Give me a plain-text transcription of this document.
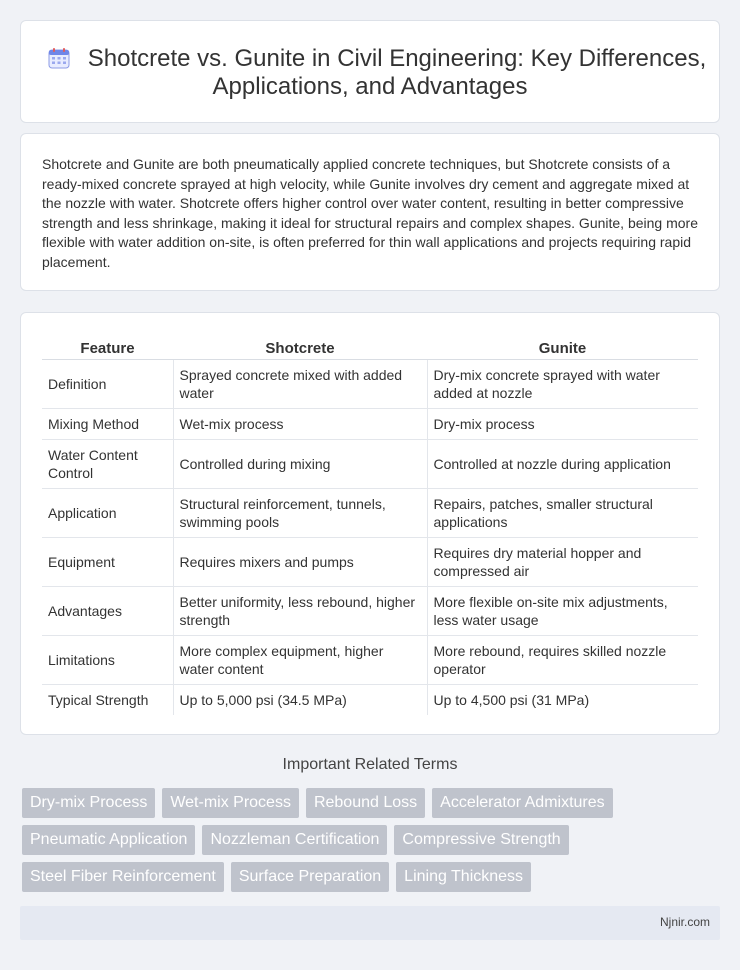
Shotcrete vs. Gunite in Civil Engineering: Key Differences,
Applications, and Advantages

Shotcrete and Gunite are both pneumatically applied concrete techniques, but Shotcrete consists of a ready-mixed concrete sprayed at high velocity, while Gunite involves dry cement and aggregate mixed at the nozzle with water. Shotcrete offers higher control over water content, resulting in better compressive strength and less shrinkage, making it ideal for structural repairs and complex shapes. Gunite, being more flexible with water addition on-site, is often preferred for thin wall applications and projects requiring rapid placement.

Feature	Shotcrete	Gunite
Definition	Sprayed concrete mixed with added water	Dry-mix concrete sprayed with water added at nozzle
Mixing Method	Wet-mix process	Dry-mix process
Water Content Control	Controlled during mixing	Controlled at nozzle during application
Application	Structural reinforcement, tunnels, swimming pools	Repairs, patches, smaller structural applications
Equipment	Requires mixers and pumps	Requires dry material hopper and compressed air
Advantages	Better uniformity, less rebound, higher strength	More flexible on-site mix adjustments, less water usage
Limitations	More complex equipment, higher water content	More rebound, requires skilled nozzle operator
Typical Strength	Up to 5,000 psi (34.5 MPa)	Up to 4,500 psi (31 MPa)
Important Related Terms
Dry-mix Process	Wet-mix Process	Rebound Loss	Accelerator Admixtures
Pneumatic Application	Nozzleman Certification	Compressive Strength
Steel Fiber Reinforcement	Surface Preparation	Lining Thickness
Njnir.com
